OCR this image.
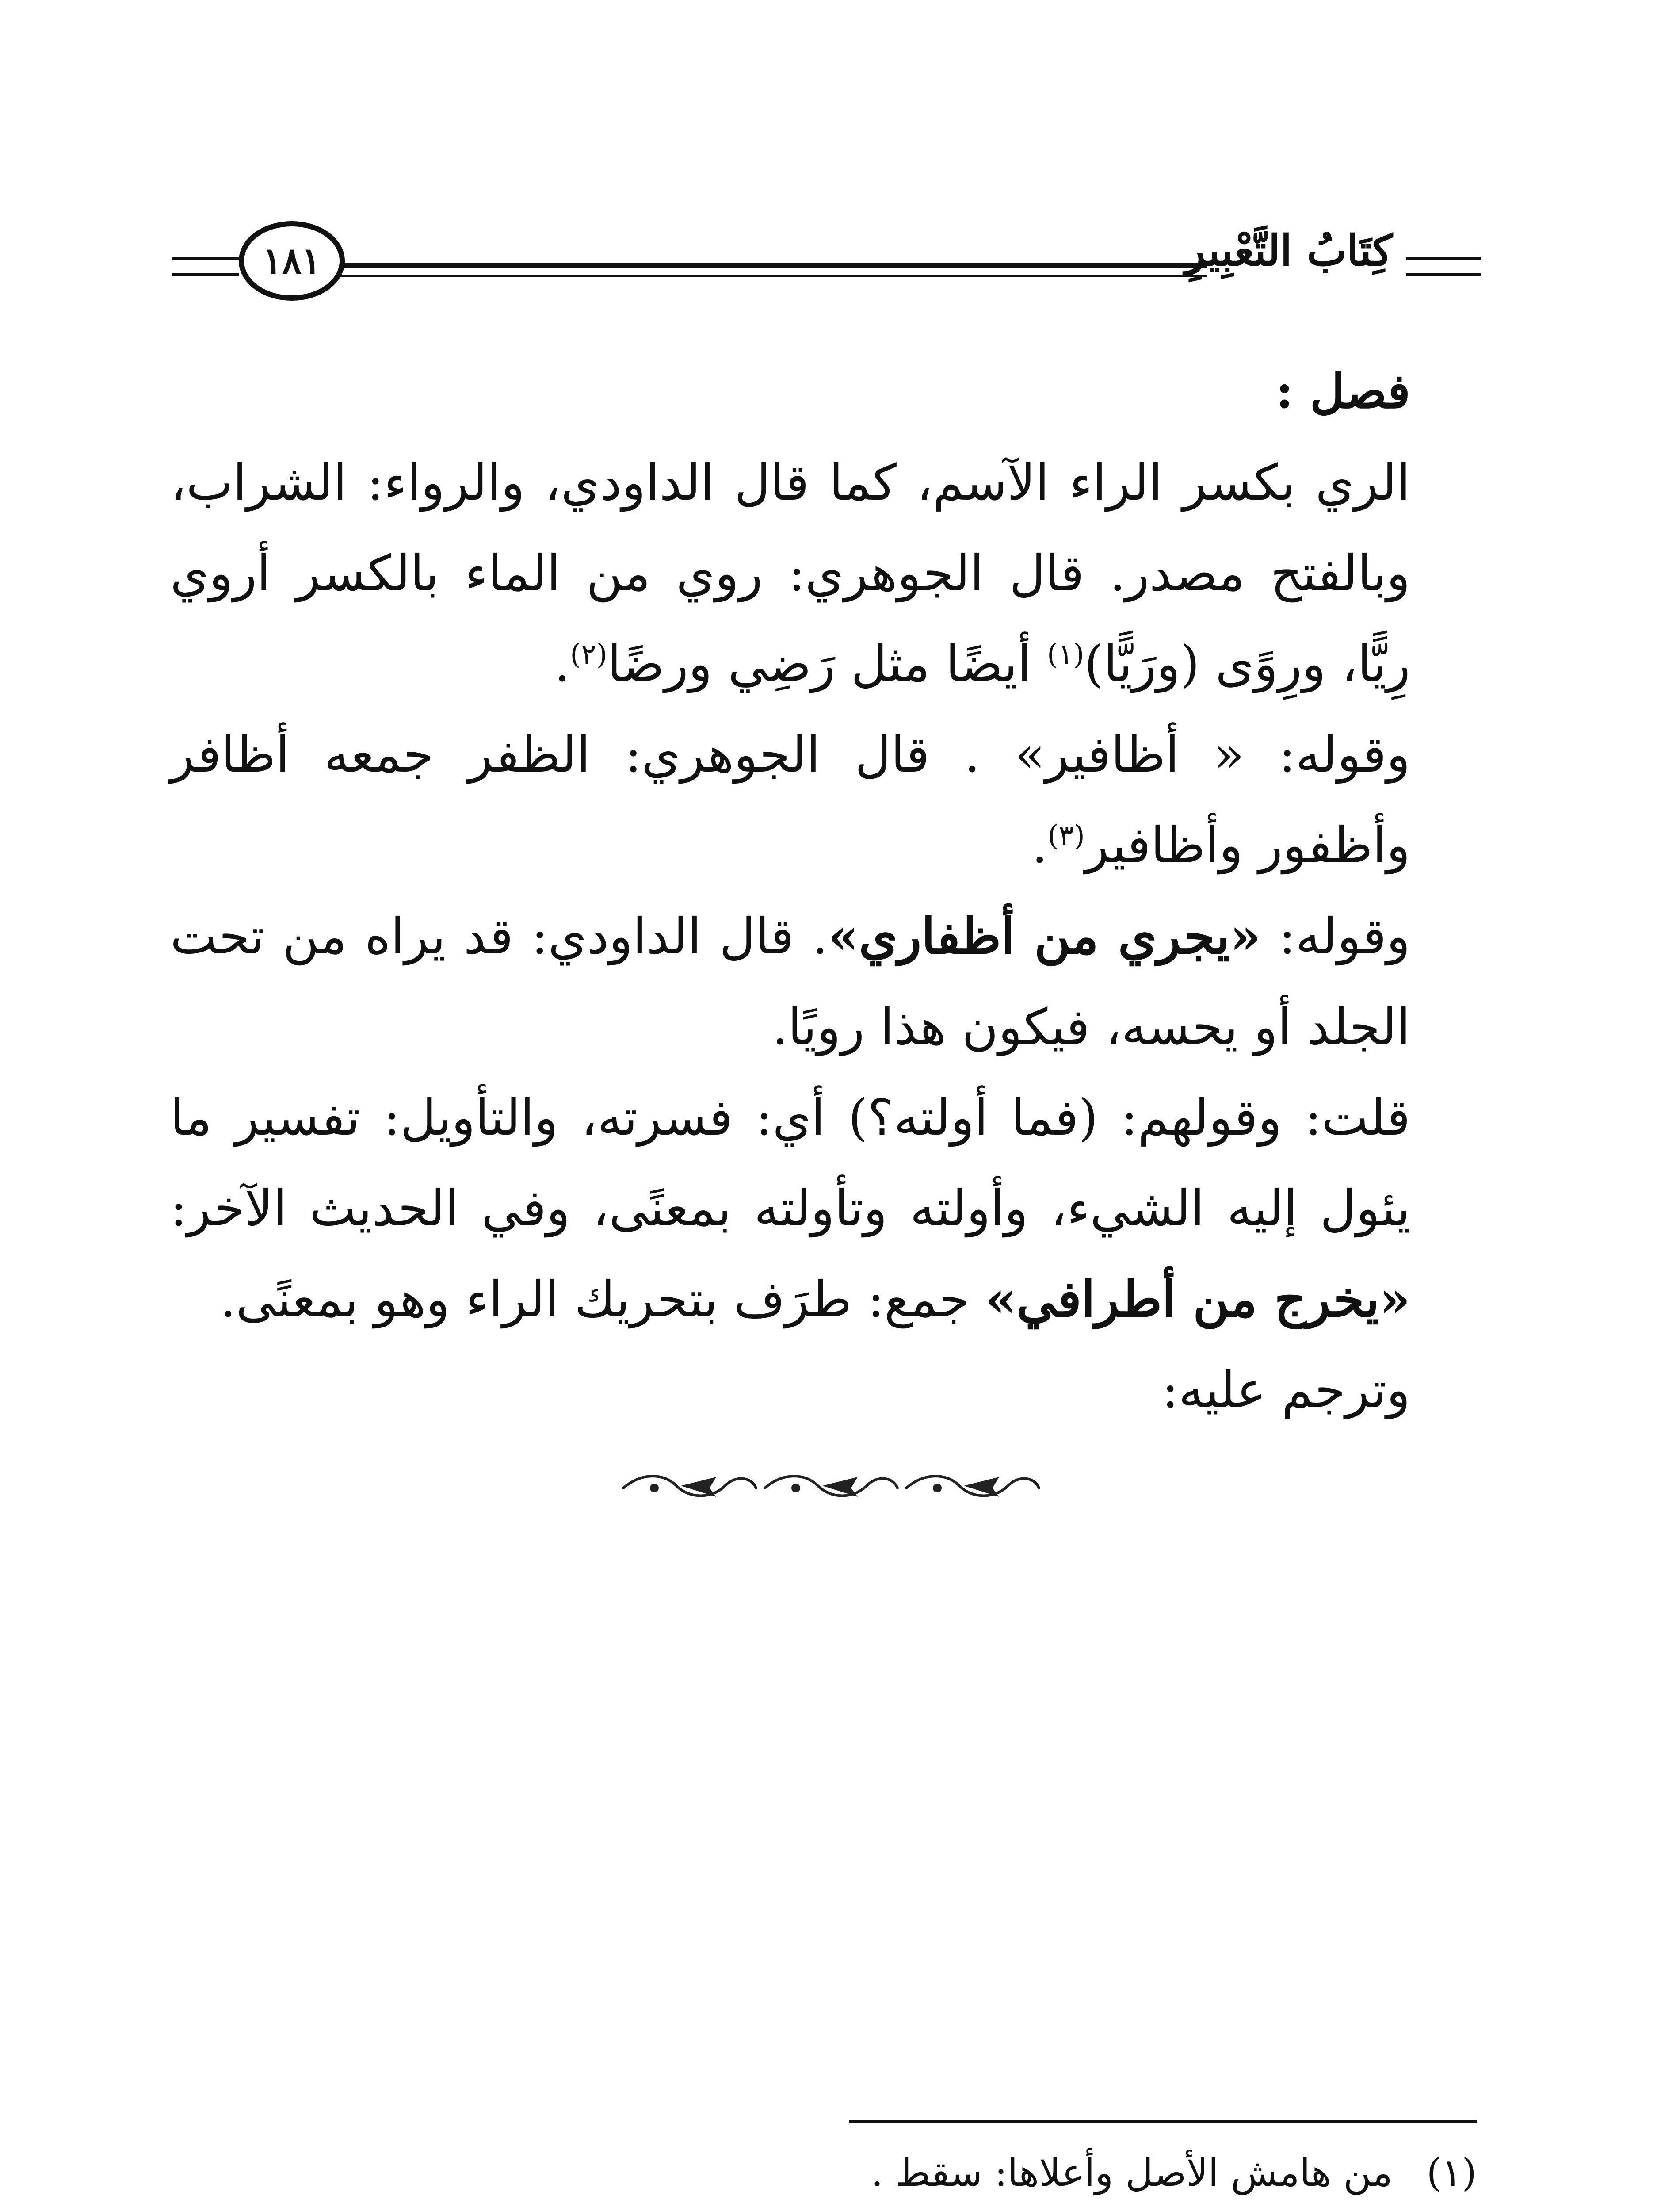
١٨١	كِتَابُ التَّعْبِيرِ

فصل :

الري بكسر الراء الآسم، كما قال الداودي، والرواء: الشراب، وبالفتح مصدر. قال الجوهري: روي من الماء بالكسر أروي رِيًّا، ورِوًى (ورَيًّا)$^{(١)}$ أيضًا مثل رَضِي ورضًا$^{(٢)}$.

وقوله: « أظافير» . قال الجوهري: الظفر جمعه أظافر وأظفور وأظافير$^{(٣)}$.

وقوله: «يجري من أظفاري». قال الداودي: قد يراه من تحت الجلد أو يحسه، فيكون هذا رويًا.

قلت: وقولهم: (فما أولته؟) أي: فسرته، والتأويل: تفسير ما يئول إليه الشيء، وأولته وتأولته بمعنًى، وفي الحديث الآخر: «يخرج من أطرافي» جمع: طرَف بتحريك الراء وهو بمعنًى.

وترجم عليه:

(١)من هامش الأصل وأعلاها: سقط .
